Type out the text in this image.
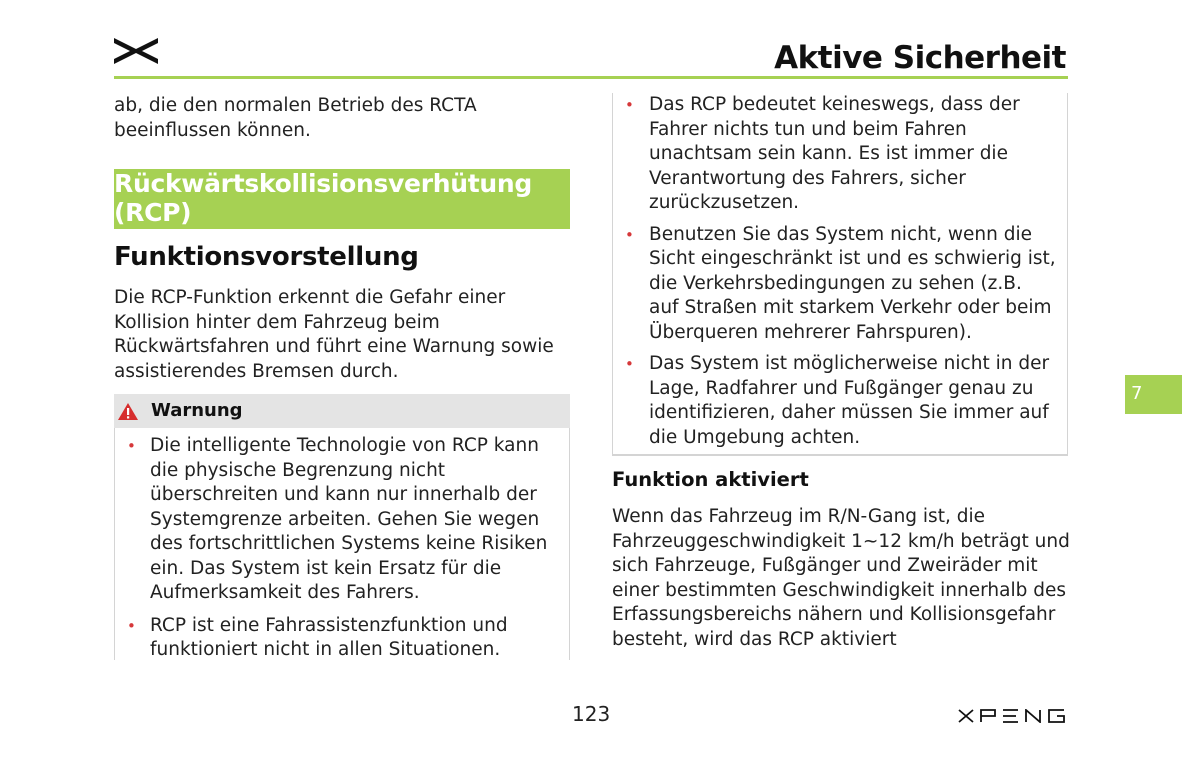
Aktive Sicherheit
ab, die den normalen Betrieb des RCTA beeinflussen können.
Rückwärtskollisionsverhütung (RCP)
Funktionsvorstellung
Die RCP-Funktion erkennt die Gefahr einer Kollision hinter dem Fahrzeug beim Rückwärtsfahren und führt eine Warnung sowie assistierendes Bremsen durch.
Warnung
• Die intelligente Technologie von RCP kann die physische Begrenzung nicht überschreiten und kann nur innerhalb der Systemgrenze arbeiten. Gehen Sie wegen des fortschrittlichen Systems keine Risiken ein. Das System ist kein Ersatz für die Aufmerksamkeit des Fahrers.
• RCP ist eine Fahrassistenzfunktion und funktioniert nicht in allen Situationen.
• Das RCP bedeutet keineswegs, dass der Fahrer nichts tun und beim Fahren unachtsam sein kann. Es ist immer die Verantwortung des Fahrers, sicher zurückzusetzen.
• Benutzen Sie das System nicht, wenn die Sicht eingeschränkt ist und es schwierig ist, die Verkehrsbedingungen zu sehen (z.B. auf Straßen mit starkem Verkehr oder beim Überqueren mehrerer Fahrspuren).
• Das System ist möglicherweise nicht in der Lage, Radfahrer und Fußgänger genau zu identifizieren, daher müssen Sie immer auf die Umgebung achten.
Funktion aktiviert
Wenn das Fahrzeug im R/N-Gang ist, die Fahrzeuggeschwindigkeit 1~12 km/h beträgt und sich Fahrzeuge, Fußgänger und Zweiräder mit einer bestimmten Geschwindigkeit innerhalb des Erfassungsbereichs nähern und Kollisionsgefahr besteht, wird das RCP aktiviert
7
123
